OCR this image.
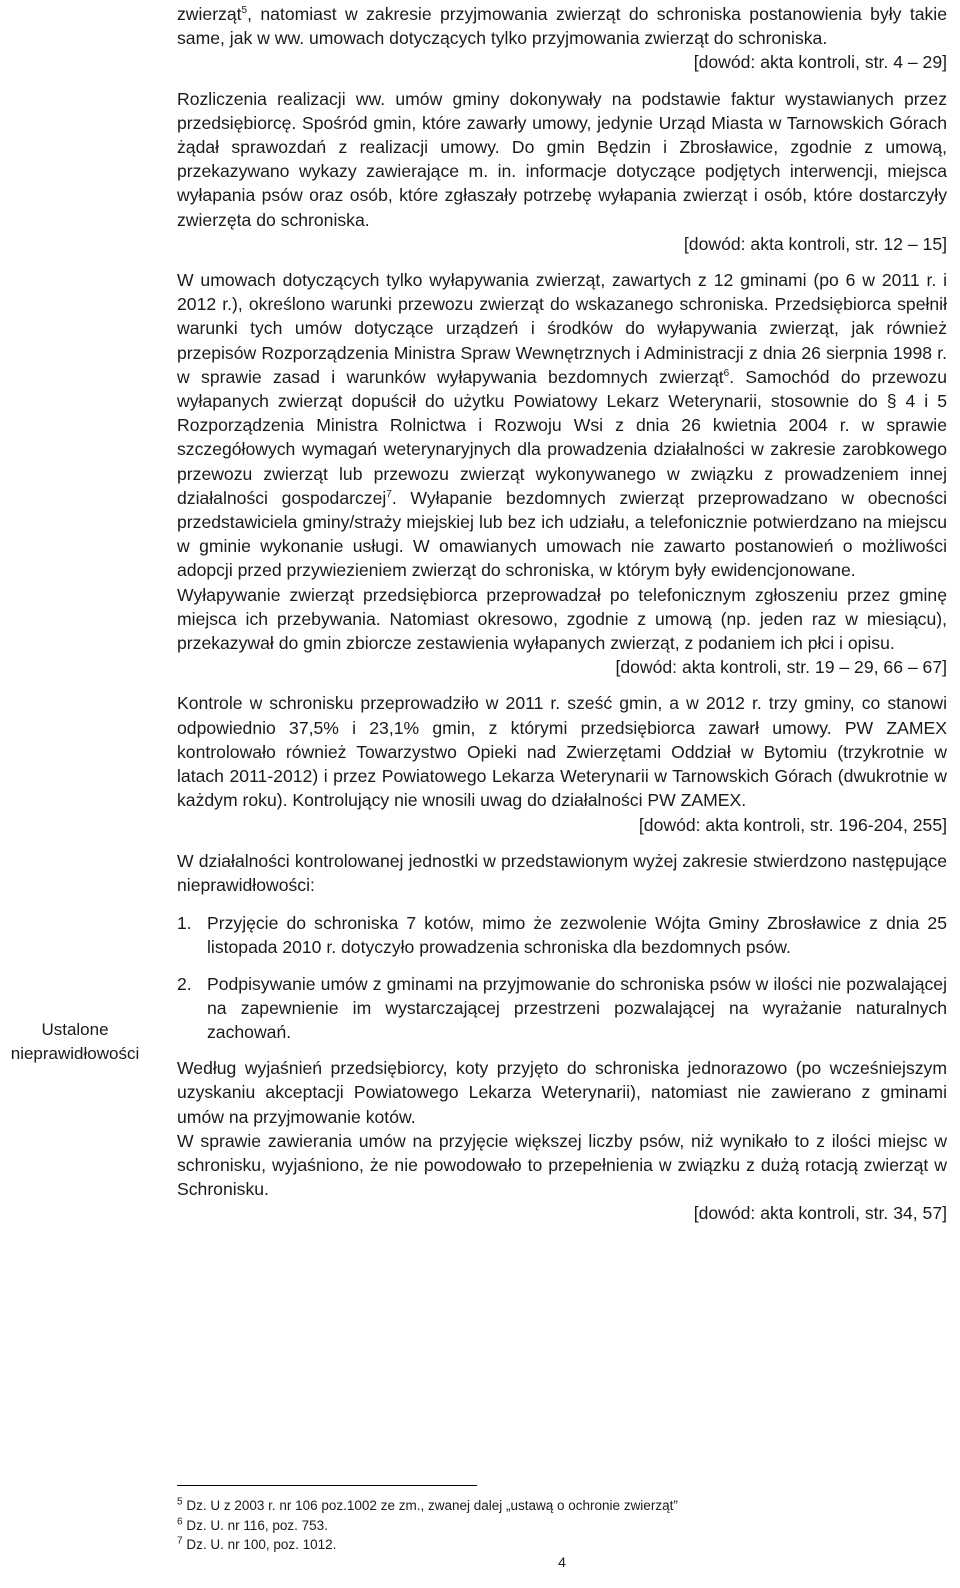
Ustalone nieprawidłowości

zwierząt$^5$, natomiast w zakresie przyjmowania zwierząt do schroniska postanowienia były takie same, jak w ww. umowach dotyczących tylko przyjmowania zwierząt do schroniska.

[dowód: akta kontroli, str. 4 – 29]

Rozliczenia realizacji ww. umów gminy dokonywały na podstawie faktur wystawianych przez przedsiębiorcę. Spośród gmin, które zawarły umowy, jedynie Urząd Miasta w Tarnowskich Górach żądał sprawozdań z realizacji umowy. Do gmin Będzin i Zbrosławice, zgodnie z umową, przekazywano wykazy zawierające m. in. informacje dotyczące podjętych interwencji, miejsca wyłapania psów oraz osób, które zgłaszały potrzebę wyłapania zwierząt i osób, które dostarczyły zwierzęta do schroniska.

[dowód: akta kontroli, str. 12 – 15]

W umowach dotyczących tylko wyłapywania zwierząt, zawartych z 12 gminami (po 6 w 2011 r. i 2012 r.), określono warunki przewozu zwierząt do wskazanego schroniska. Przedsiębiorca spełnił warunki tych umów dotyczące urządzeń i środków do wyłapywania zwierząt, jak również przepisów Rozporządzenia Ministra Spraw Wewnętrznych i Administracji z dnia 26 sierpnia 1998 r. w sprawie zasad i warunków wyłapywania bezdomnych zwierząt$^6$. Samochód do przewozu wyłapanych zwierząt dopuścił do użytku Powiatowy Lekarz Weterynarii, stosownie do § 4 i 5 Rozporządzenia Ministra Rolnictwa i Rozwoju Wsi z dnia 26 kwietnia 2004 r. w sprawie szczegółowych wymagań weterynaryjnych dla prowadzenia działalności w zakresie zarobkowego przewozu zwierząt lub przewozu zwierząt wykonywanego w związku z prowadzeniem innej działalności gospodarczej$^7$. Wyłapanie bezdomnych zwierząt przeprowadzano w obecności przedstawiciela gminy/straży miejskiej lub bez ich udziału, a telefonicznie potwierdzano na miejscu w gminie wykonanie usługi. W omawianych umowach nie zawarto postanowień o możliwości adopcji przed przywiezieniem zwierząt do schroniska, w którym były ewidencjonowane.

Wyłapywanie zwierząt przedsiębiorca przeprowadzał po telefonicznym zgłoszeniu przez gminę miejsca ich przebywania. Natomiast okresowo, zgodnie z umową (np. jeden raz w miesiącu), przekazywał do gmin zbiorcze zestawienia wyłapanych zwierząt, z podaniem ich płci i opisu.

[dowód: akta kontroli, str. 19 – 29, 66 – 67]

Kontrole w schronisku przeprowadziło w 2011 r. sześć gmin, a w 2012 r. trzy gminy, co stanowi odpowiednio 37,5% i 23,1% gmin, z którymi przedsiębiorca zawarł umowy. PW ZAMEX kontrolowało również Towarzystwo Opieki nad Zwierzętami Oddział w Bytomiu (trzykrotnie w latach 2011-2012) i przez Powiatowego Lekarza Weterynarii w Tarnowskich Górach (dwukrotnie w każdym roku). Kontrolujący nie wnosili uwag do działalności PW ZAMEX.

[dowód: akta kontroli, str. 196-204, 255]

W działalności kontrolowanej jednostki w przedstawionym wyżej zakresie stwierdzono następujące nieprawidłowości:

1. Przyjęcie do schroniska 7 kotów, mimo że zezwolenie Wójta Gminy Zbrosławice z dnia 25 listopada 2010 r. dotyczyło prowadzenia schroniska dla bezdomnych psów.
2. Podpisywanie umów z gminami na przyjmowanie do schroniska psów w ilości nie pozwalającej na zapewnienie im wystarczającej przestrzeni pozwalającej na wyrażanie naturalnych zachowań.

Według wyjaśnień przedsiębiorcy, koty przyjęto do schroniska jednorazowo (po wcześniejszym uzyskaniu akceptacji Powiatowego Lekarza Weterynarii), natomiast nie zawierano z gminami umów na przyjmowanie kotów.

W sprawie zawierania umów na przyjęcie większej liczby psów, niż wynikało to z ilości miejsc w schronisku, wyjaśniono, że nie powodowało to przepełnienia w związku z dużą rotacją zwierząt w Schronisku.

[dowód: akta kontroli, str. 34, 57]

$^5$ Dz. U z 2003 r. nr 106 poz.1002 ze zm., zwanej dalej „ustawą o ochronie zwierząt”
$^6$ Dz. U. nr 116, poz. 753.
$^7$ Dz. U. nr 100, poz. 1012.
4
